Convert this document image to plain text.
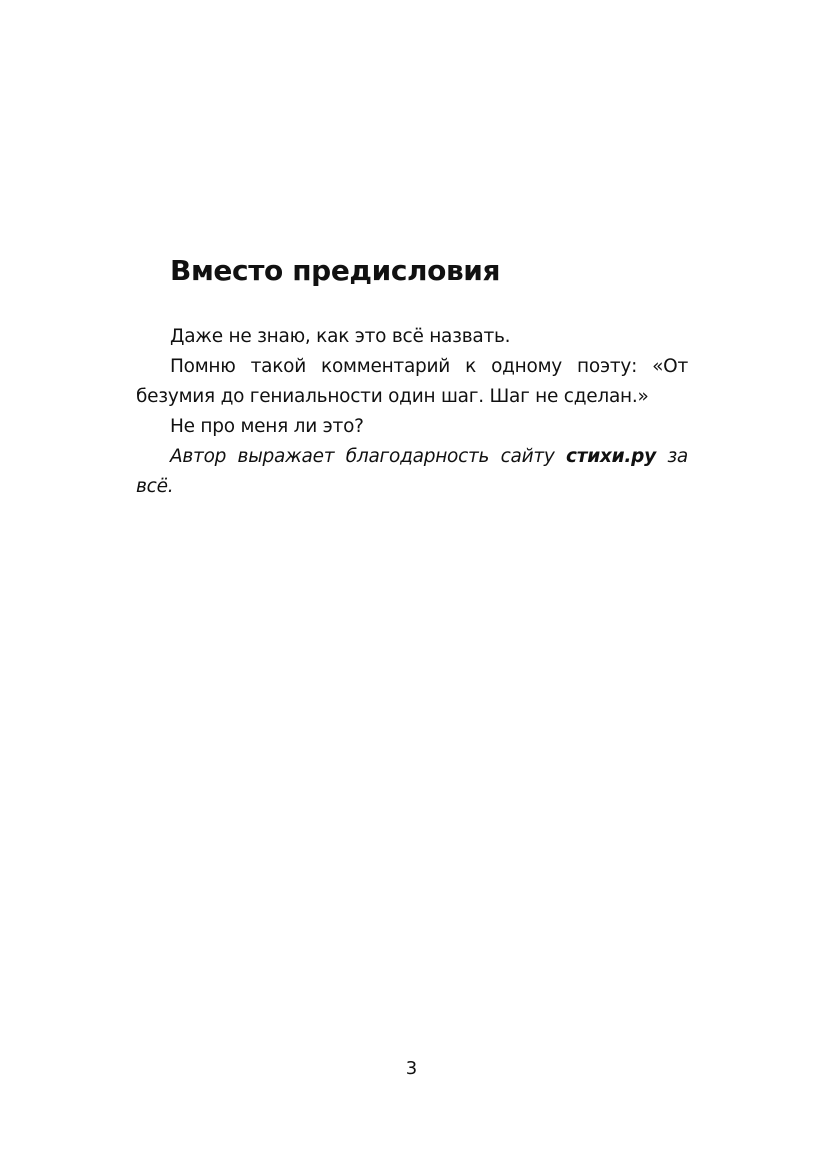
Вместо предисловия

Даже не знаю, как это всё назвать.

Помню такой комментарий к одному поэту: «От безумия до гениальности один шаг. Шаг не сделан.»

Не про меня ли это?

Автор выражает благодарность сайту стихи.ру за всё.

3
